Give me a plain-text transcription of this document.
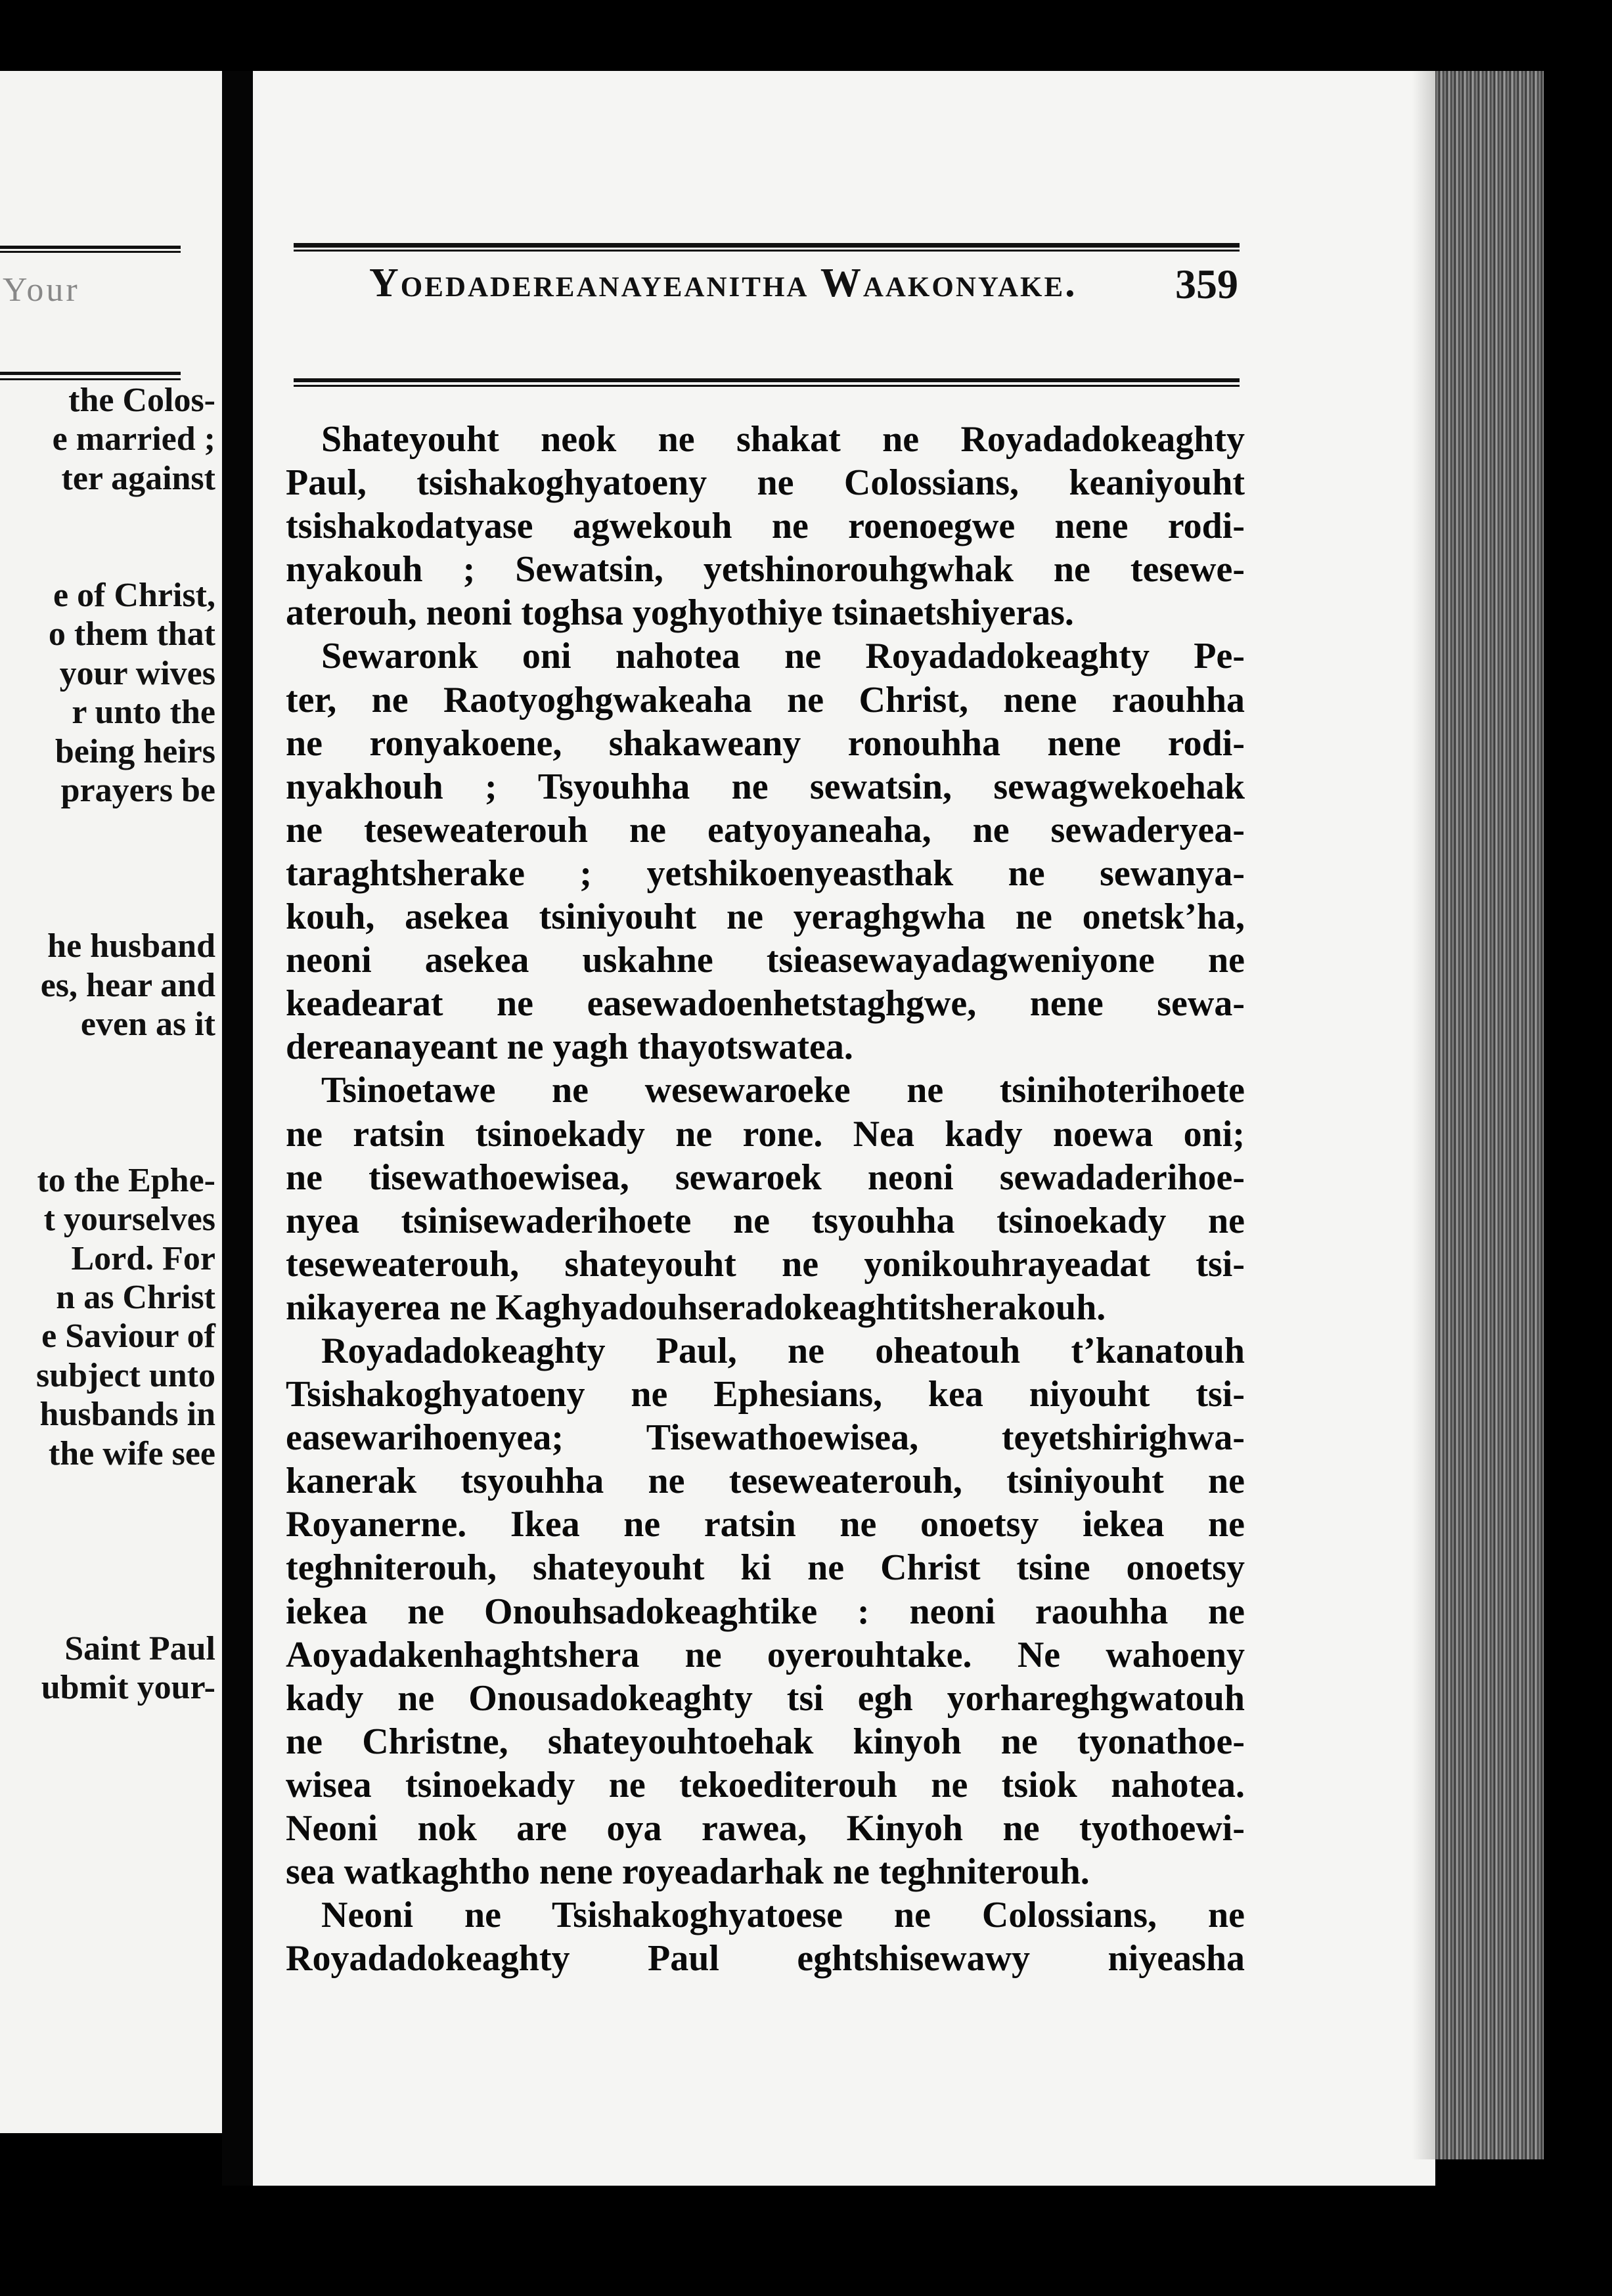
Your
the Colos-
e married ;
ter against
e of Christ,
o them that
your wives
r unto the
being heirs
prayers be
he husband
es, hear and
even as it
to the Ephe-
t yourselves
Lord. For
n as Christ
e Saviour of
subject unto
husbands in
the wife see
Saint Paul
ubmit your-
Yoedadereanayeanitha Waakonyake. 359
Shateyouht neok ne shakat ne Royadadokeaghty
Paul, tsishakoghyatoeny ne Colossians, keaniyouht
tsishakodatyase agwekouh ne roenoegwe nene rodi-
nyakouh ; Sewatsin, yetshinorouhgwhak ne tesewe-
aterouh, neoni toghsa yoghyothiye tsinaetshiyeras.
Sewaronk oni nahotea ne Royadadokeaghty Pe-
ter, ne Raotyoghgwakeaha ne Christ, nene raouhha
ne ronyakoene, shakaweany ronouhha nene rodi-
nyakhouh ; Tsyouhha ne sewatsin, sewagwekoehak
ne teseweaterouh ne eatyoyaneaha, ne sewaderyea-
taraghtsherake ; yetshikoenyeasthak ne sewanya-
kouh, asekea tsiniyouht ne yeraghgwha ne onetsk’ha,
neoni asekea uskahne tsieasewayadagweniyone ne
keadearat ne easewadoenhetstaghgwe, nene sewa-
dereanayeant ne yagh thayotswatea.
Tsinoetawe ne wesewaroeke ne tsinihoterihoete
ne ratsin tsinoekady ne rone. Nea kady noewa oni;
ne tisewathoewisea, sewaroek neoni sewadaderihoe-
nyea tsinisewaderihoete ne tsyouhha tsinoekady ne
teseweaterouh, shateyouht ne yonikouhrayeadat tsi-
nikayerea ne Kaghyadouhseradokeaghtitsherakouh.
Royadadokeaghty Paul, ne oheatouh t’kanatouh
Tsishakoghyatoeny ne Ephesians, kea niyouht tsi-
easewarihoenyea; Tisewathoewisea, teyetshirighwa-
kanerak tsyouhha ne teseweaterouh, tsiniyouht ne
Royanerne. Ikea ne ratsin ne onoetsy iekea ne
teghniterouh, shateyouht ki ne Christ tsine onoetsy
iekea ne Onouhsadokeaghtike : neoni raouhha ne
Aoyadakenhaghtshera ne oyerouhtake. Ne wahoeny
kady ne Onousadokeaghty tsi egh yorhareghgwatouh
ne Christne, shateyouhtoehak kinyoh ne tyonathoe-
wisea tsinoekady ne tekoediterouh ne tsiok nahotea.
Neoni nok are oya rawea, Kinyoh ne tyothoewi-
sea watkaghtho nene royeadarhak ne teghniterouh.
Neoni ne Tsishakoghyatoese ne Colossians, ne
Royadadokeaghty Paul eghtshisewawy niyeasha
